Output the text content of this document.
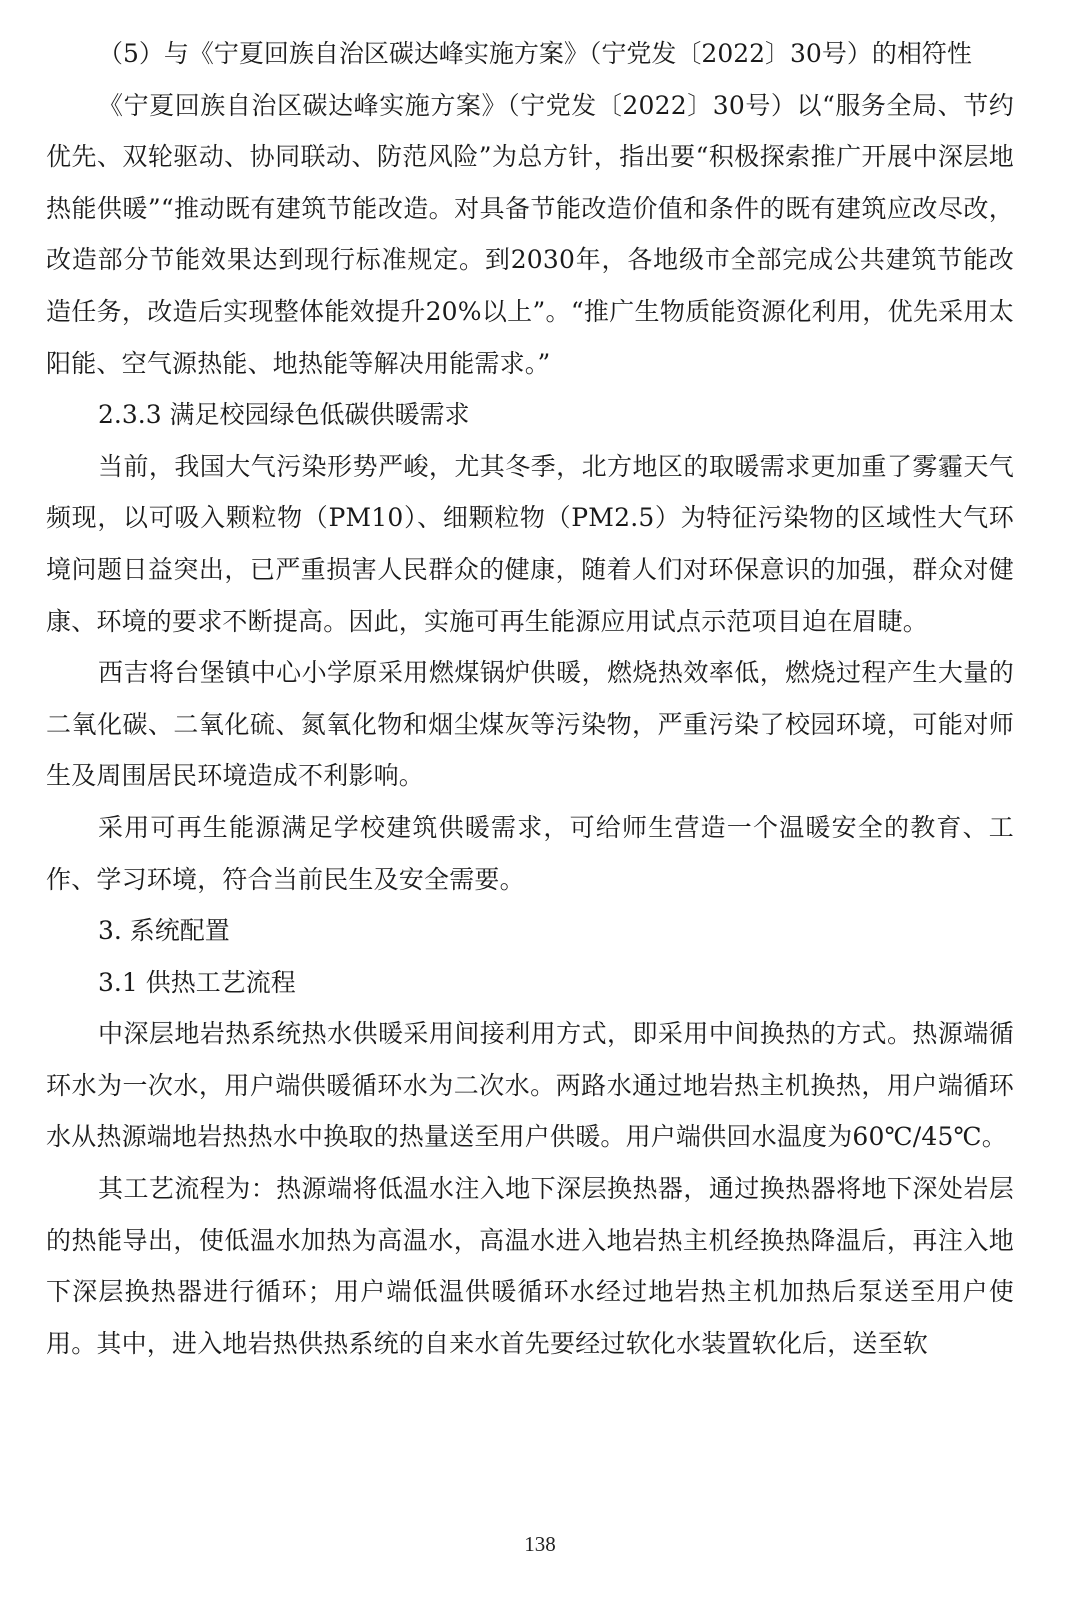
（5）与《宁夏回族自治区碳达峰实施方案》（宁党发〔2022〕30号）的相符性

《宁夏回族自治区碳达峰实施方案》（宁党发〔2022〕30号）以“服务全局、节约优先、双轮驱动、协同联动、防范风险”为总方针，指出要“积极探索推广开展中深层地热能供暖”“推动既有建筑节能改造。对具备节能改造价值和条件的既有建筑应改尽改，改造部分节能效果达到现行标准规定。到2030年，各地级市全部完成公共建筑节能改造任务，改造后实现整体能效提升20%以上”。“推广生物质能资源化利用，优先采用太阳能、空气源热能、地热能等解决用能需求。”

2.3.3 满足校园绿色低碳供暖需求

当前，我国大气污染形势严峻，尤其冬季，北方地区的取暖需求更加重了雾霾天气频现，以可吸入颗粒物（PM10）、细颗粒物（PM2.5）为特征污染物的区域性大气环境问题日益突出，已严重损害人民群众的健康，随着人们对环保意识的加强，群众对健康、环境的要求不断提高。因此，实施可再生能源应用试点示范项目迫在眉睫。

西吉将台堡镇中心小学原采用燃煤锅炉供暖，燃烧热效率低，燃烧过程产生大量的二氧化碳、二氧化硫、氮氧化物和烟尘煤灰等污染物，严重污染了校园环境，可能对师生及周围居民环境造成不利影响。

采用可再生能源满足学校建筑供暖需求，可给师生营造一个温暖安全的教育、工作、学习环境，符合当前民生及安全需要。

3. 系统配置

3.1 供热工艺流程

中深层地岩热系统热水供暖采用间接利用方式，即采用中间换热的方式。热源端循环水为一次水，用户端供暖循环水为二次水。两路水通过地岩热主机换热，用户端循环水从热源端地岩热热水中换取的热量送至用户供暖。用户端供回水温度为60℃/45℃。

其工艺流程为：热源端将低温水注入地下深层换热器，通过换热器将地下深处岩层的热能导出，使低温水加热为高温水，高温水进入地岩热主机经换热降温后，再注入地下深层换热器进行循环；用户端低温供暖循环水经过地岩热主机加热后泵送至用户使用。其中，进入地岩热供热系统的自来水首先要经过软化水装置软化后，送至软

138
